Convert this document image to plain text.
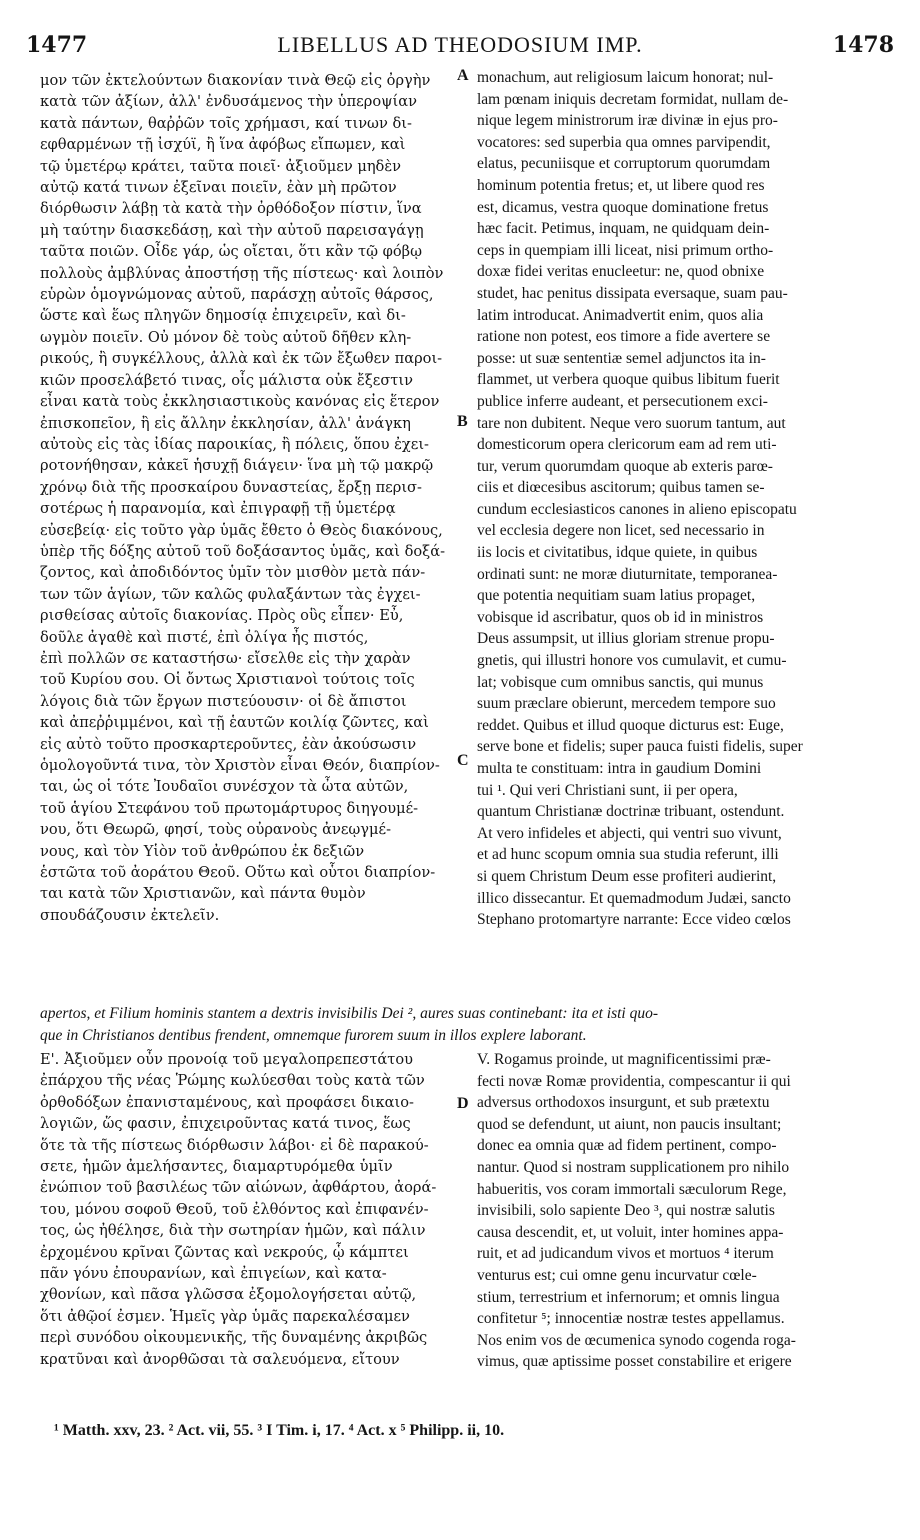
1477	LIBELLUS AD THEODOSIUM IMP.	1478
μον τῶν ἐκτελούντων διακονίαν τινὰ Θεῷ εἰς ὀργὴν
κατὰ τῶν ἀξίων, ἀλλ' ἐνδυσάμενος τὴν ὑπεροψίαν
κατὰ πάντων, θαῤῥῶν τοῖς χρήμασι, καί τινων δι-
εφθαρμένων τῇ ἰσχύϊ, ἢ ἵνα ἀφόβως εἴπωμεν, καὶ
τῷ ὑμετέρῳ κράτει, ταῦτα ποιεῖ· ἀξιοῦμεν μηδὲν
αὐτῷ κατά τινων ἐξεῖναι ποιεῖν, ἐὰν μὴ πρῶτον
διόρθωσιν λάβῃ τὰ κατὰ τὴν ὀρθόδοξον πίστιν, ἵνα
μὴ ταύτην διασκεδάσῃ, καὶ τὴν αὐτοῦ παρεισαγάγῃ
ταῦτα ποιῶν. Οἶδε γάρ, ὡς οἴεται, ὅτι κἂν τῷ φόβῳ
πολλοὺς ἀμβλύνας ἀποστήσῃ τῆς πίστεως· καὶ λοιπὸν
εὑρὼν ὁμογνώμονας αὐτοῦ, παράσχῃ αὐτοῖς θάρσος,
ὥστε καὶ ἕως πληγῶν δημοσίᾳ ἐπιχειρεῖν, καὶ δι-
ωγμὸν ποιεῖν. Οὐ μόνον δὲ τοὺς αὐτοῦ δῆθεν κλη-
ρικούς, ἢ συγκέλλους, ἀλλὰ καὶ ἐκ τῶν ἔξωθεν παροι-
κιῶν προσελάβετό τινας, οἷς μάλιστα οὐκ ἔξεστιν
εἶναι κατὰ τοὺς ἐκκλησιαστικοὺς κανόνας εἰς ἕτερον
ἐπισκοπεῖον, ἢ εἰς ἄλλην ἐκκλησίαν, ἀλλ' ἀνάγκη
αὐτοὺς εἰς τὰς ἰδίας παροικίας, ἢ πόλεις, ὅπου ἐχει-
ροτονήθησαν, κἀκεῖ ἡσυχῇ διάγειν· ἵνα μὴ τῷ μακρῷ
χρόνῳ διὰ τῆς προσκαίρου δυναστείας, ἔρξῃ περισ-
σοτέρως ἡ παρανομία, καὶ ἐπιγραφῇ τῇ ὑμετέρᾳ
εὐσεβείᾳ· εἰς τοῦτο γὰρ ὑμᾶς ἔθετο ὁ Θεὸς διακόνους,
ὑπὲρ τῆς δόξης αὐτοῦ τοῦ δοξάσαντος ὑμᾶς, καὶ δοξά-
ζοντος, καὶ ἀποδιδόντος ὑμῖν τὸν μισθὸν μετὰ πάν-
των τῶν ἁγίων, τῶν καλῶς φυλαξάντων τὰς ἐγχει-
ρισθείσας αὐτοῖς διακονίας. Πρὸς οὓς εἶπεν· Εὖ,
δοῦλε ἀγαθὲ καὶ πιστέ, ἐπὶ ὀλίγα ἦς πιστός,
ἐπὶ πολλῶν σε καταστήσω· εἴσελθε εἰς τὴν χαρὰν
τοῦ Κυρίου σου. Οἱ ὄντως Χριστιανοὶ τούτοις τοῖς
λόγοις διὰ τῶν ἔργων πιστεύουσιν· οἱ δὲ ἄπιστοι
καὶ ἀπεῤῥιμμένοι, καὶ τῇ ἑαυτῶν κοιλίᾳ ζῶντες, καὶ
εἰς αὐτὸ τοῦτο προσκαρτεροῦντες, ἐὰν ἀκούσωσιν
ὁμολογοῦντά τινα, τὸν Χριστὸν εἶναι Θεόν, διαπρίον-
ται, ὡς οἱ τότε Ἰουδαῖοι συνέσχον τὰ ὦτα αὐτῶν,
τοῦ ἁγίου Στεφάνου τοῦ πρωτομάρτυρος διηγουμέ-
νου, ὅτι Θεωρῶ, φησί, τοὺς οὐρανοὺς ἀνεῳγμέ-
νους, καὶ τὸν Υἱὸν τοῦ ἀνθρώπου ἐκ δεξιῶν
ἑστῶτα τοῦ ἀοράτου Θεοῦ. Οὕτω καὶ οὗτοι διαπρίον-
ται κατὰ τῶν Χριστιανῶν, καὶ πάντα θυμὸν
σπουδάζουσιν ἐκτελεῖν.
monachum, aut religiosum laicum honorat; nul-
lam pœnam iniquis decretam formidat, nullam de-
nique legem ministrorum iræ divinæ in ejus pro-
vocatores: sed superbia qua omnes parvipendit,
elatus, pecuniisque et corruptorum quorumdam
hominum potentia fretus; et, ut libere quod res
est, dicamus, vestra quoque dominatione fretus
hæc facit. Petimus, inquam, ne quidquam dein-
ceps in quempiam illi liceat, nisi primum ortho-
doxæ fidei veritas enucleetur: ne, quod obnixe
studet, hac penitus dissipata eversaque, suam pau-
latim introducat. Animadvertit enim, quos alia
ratione non potest, eos timore a fide avertere se
posse: ut suæ sententiæ semel adjunctos ita in-
flammet, ut verbera quoque quibus libitum fuerit
publice inferre audeant, et persecutionem exci-
tare non dubitent. Neque vero suorum tantum, aut
domesticorum opera clericorum eam ad rem uti-
tur, verum quorumdam quoque ab exteris parœ-
ciis et diœcesibus ascitorum; quibus tamen se-
cundum ecclesiasticos canones in alieno episcopatu
vel ecclesia degere non licet, sed necessario in
iis locis et civitatibus, idque quiete, in quibus
ordinati sunt: ne moræ diuturnitate, temporanea-
que potentia nequitiam suam latius propaget,
vobisque id ascribatur, quos ob id in ministros
Deus assumpsit, ut illius gloriam strenue propu-
gnetis, qui illustri honore vos cumulavit, et cumu-
lat; vobisque cum omnibus sanctis, qui munus
suum præclare obierunt, mercedem tempore suo
reddet. Quibus et illud quoque dicturus est: Euge,
serve bone et fidelis; super pauca fuisti fidelis, super
multa te constituam: intra in gaudium Domini
tui ¹. Qui veri Christiani sunt, ii per opera,
quantum Christianæ doctrinæ tribuant, ostendunt.
At vero infideles et abjecti, qui ventri suo vivunt,
et ad hunc scopum omnia sua studia referunt, illi
si quem Christum Deum esse profiteri audierint,
illico dissecantur. Et quemadmodum Judæi, sancto
Stephano protomartyre narrante: Ecce video cœlos
A
B
C
D
apertos, et Filium hominis stantem a dextris invisibilis Dei ², aures suas continebant: ita et isti quo-
que in Christianos dentibus frendent, omnemque furorem suum in illos explere laborant.
Ε'. Ἀξιοῦμεν οὖν προνοίᾳ τοῦ μεγαλοπρεπεστάτου
ἐπάρχου τῆς νέας Ῥώμης κωλύεσθαι τοὺς κατὰ τῶν
ὀρθοδόξων ἐπανισταμένους, καὶ προφάσει δικαιο-
λογιῶν, ὥς φασιν, ἐπιχειροῦντας κατά τινος, ἕως
ὅτε τὰ τῆς πίστεως διόρθωσιν λάβοι· εἰ δὲ παρακού-
σετε, ἡμῶν ἀμελήσαντες, διαμαρτυρόμεθα ὑμῖν
ἐνώπιον τοῦ βασιλέως τῶν αἰώνων, ἀφθάρτου, ἀορά-
του, μόνου σοφοῦ Θεοῦ, τοῦ ἐλθόντος καὶ ἐπιφανέν-
τος, ὡς ἠθέλησε, διὰ τὴν σωτηρίαν ἡμῶν, καὶ πάλιν
ἐρχομένου κρῖναι ζῶντας καὶ νεκρούς, ᾧ κάμπτει
πᾶν γόνυ ἐπουρανίων, καὶ ἐπιγείων, καὶ κατα-
χθονίων, καὶ πᾶσα γλῶσσα ἐξομολογήσεται αὐτῷ,
ὅτι ἀθῷοί ἐσμεν. Ἡμεῖς γὰρ ὑμᾶς παρεκαλέσαμεν
περὶ συνόδου οἰκουμενικῆς, τῆς δυναμένης ἀκριβῶς
κρατῦναι καὶ ἀνορθῶσαι τὰ σαλευόμενα, εἴτουν
V. Rogamus proinde, ut magnificentissimi præ-
fecti novæ Romæ providentia, compescantur ii qui
adversus orthodoxos insurgunt, et sub prætextu
quod se defendunt, ut aiunt, non paucis insultant;
donec ea omnia quæ ad fidem pertinent, compo-
nantur. Quod si nostram supplicationem pro nihilo
habueritis, vos coram immortali sæculorum Rege,
invisibili, solo sapiente Deo ³, qui nostræ salutis
causa descendit, et, ut voluit, inter homines appa-
ruit, et ad judicandum vivos et mortuos ⁴ iterum
venturus est; cui omne genu incurvatur cœle-
stium, terrestrium et infernorum; et omnis lingua
confitetur ⁵; innocentiæ nostræ testes appellamus.
Nos enim vos de œcumenica synodo cogenda roga-
vimus, quæ aptissime posset constabilire et erigere
¹ Matth. xxv, 23. ² Act. vii, 55. ³ I Tim. i, 17. ⁴ Act. x ⁵ Philipp. ii, 10.
